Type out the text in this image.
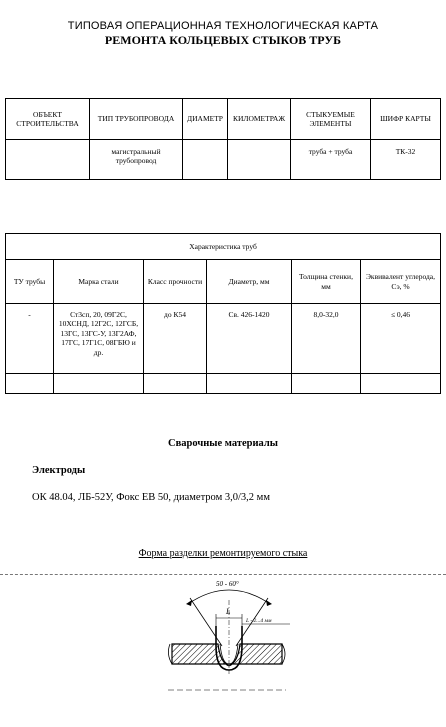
ТИПОВАЯ ОПЕРАЦИОННАЯ ТЕХНОЛОГИЧЕСКАЯ КАРТА
РЕМОНТА КОЛЬЦЕВЫХ СТЫКОВ ТРУБ
ОБЪЕКТ СТРОИТЕЛЬСТВА	ТИП ТРУБОПРОВОДА	ДИАМЕТР	КИЛОМЕТРАЖ	СТЫКУЕМЫЕ ЭЛЕМЕНТЫ	ШИФР КАРТЫ
	магистральный трубопровод			труба + труба	ТК-32
Характеристика труб					
ТУ трубы	Марка стали	Класс прочности	Диаметр, мм	Толщина стенки, мм	Эквивалент углерода, Сэ, %
-	Ст3сп, 20, 09Г2С, 10ХСНД, 12Г2С, 12ГСБ, 13ГС, 13ГС-У, 13Г2АФ, 17ГС, 17Г1С, 08ГБЮ и др.	до К54	Св. 426-1420	8,0-32,0	≤ 0,46

Сварочные материалы
Электроды
ОК 48.04, ЛБ-52У, Фокс ЕВ 50, диаметром 3,0/3,2 мм
Форма разделки ремонтируемого стыка
50 - 60°
L
L - 2...4 мм
